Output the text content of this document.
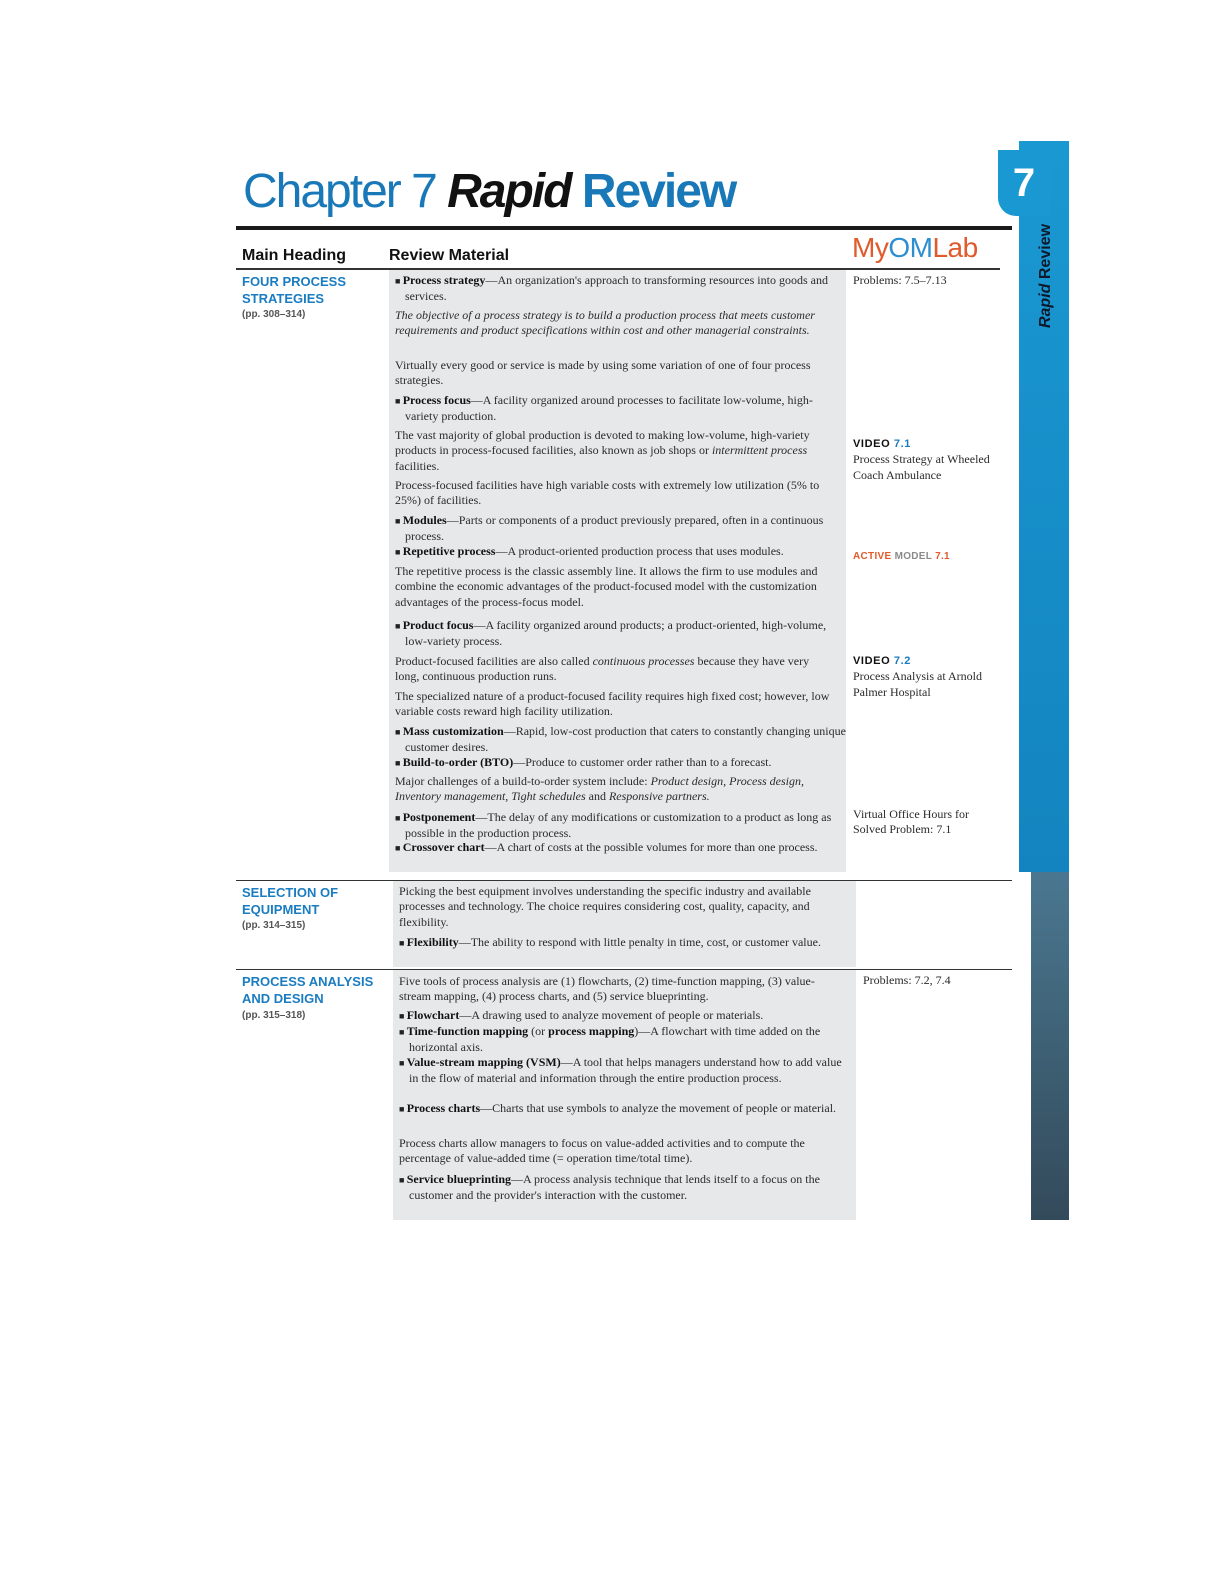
Chapter 7 Rapid Review
Main Heading	Review Material	MyOMLab
7
Rapid Review
FOUR PROCESS
STRATEGIES
(pp. 308–314)
■ Process strategy—An organization's approach to transforming resources into goods and services.
The objective of a process strategy is to build a production process that meets customer requirements and product specifications within cost and other managerial constraints.
Virtually every good or service is made by using some variation of one of four process strategies.
■ Process focus—A facility organized around processes to facilitate low-volume, high-variety production.
The vast majority of global production is devoted to making low-volume, high-variety products in process-focused facilities, also known as job shops or intermittent process facilities.
Process-focused facilities have high variable costs with extremely low utilization (5% to 25%) of facilities.
■ Modules—Parts or components of a product previously prepared, often in a continuous process.
■ Repetitive process—A product-oriented production process that uses modules.
The repetitive process is the classic assembly line. It allows the firm to use modules and combine the economic advantages of the product-focused model with the customization advantages of the process-focus model.
■ Product focus—A facility organized around products; a product-oriented, high-volume, low-variety process.
Product-focused facilities are also called continuous processes because they have very long, continuous production runs.
The specialized nature of a product-focused facility requires high fixed cost; however, low variable costs reward high facility utilization.
■ Mass customization—Rapid, low-cost production that caters to constantly changing unique customer desires.
■ Build-to-order (BTO)—Produce to customer order rather than to a forecast.
Major challenges of a build-to-order system include: Product design, Process design, Inventory management, Tight schedules and Responsive partners.
■ Postponement—The delay of any modifications or customization to a product as long as possible in the production process.
■ Crossover chart—A chart of costs at the possible volumes for more than one process.
Problems: 7.5–7.13
VIDEO 7.1
Process Strategy at Wheeled Coach Ambulance
ACTIVE MODEL 7.1
VIDEO 7.2
Process Analysis at Arnold Palmer Hospital
Virtual Office Hours for Solved Problem: 7.1
SELECTION OF
EQUIPMENT
(pp. 314–315)
Picking the best equipment involves understanding the specific industry and available processes and technology. The choice requires considering cost, quality, capacity, and flexibility.
■ Flexibility—The ability to respond with little penalty in time, cost, or customer value.
PROCESS ANALYSIS
AND DESIGN
(pp. 315–318)
Five tools of process analysis are (1) flowcharts, (2) time-function mapping, (3) value-stream mapping, (4) process charts, and (5) service blueprinting.
■ Flowchart—A drawing used to analyze movement of people or materials.
■ Time-function mapping (or process mapping)—A flowchart with time added on the horizontal axis.
■ Value-stream mapping (VSM)—A tool that helps managers understand how to add value in the flow of material and information through the entire production process.
■ Process charts—Charts that use symbols to analyze the movement of people or material.
Process charts allow managers to focus on value-added activities and to compute the percentage of value-added time (= operation time/total time).
■ Service blueprinting—A process analysis technique that lends itself to a focus on the customer and the provider's interaction with the customer.
Problems: 7.2, 7.4
